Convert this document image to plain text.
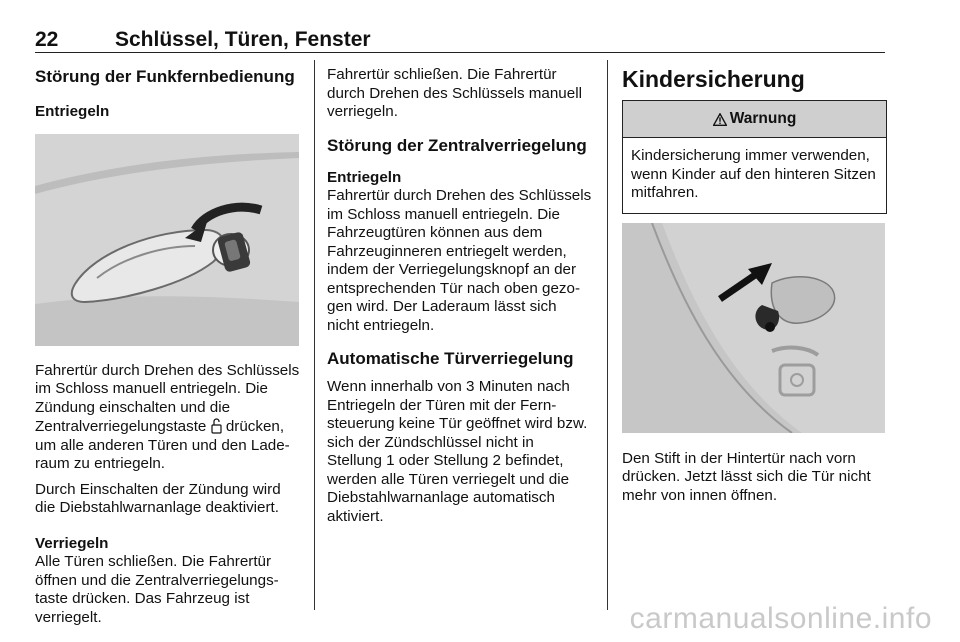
22	Schlüssel, Türen, Fenster
Störung der Funkfernbedienung
Entriegeln

Fahrertür durch Drehen des Schlüssels im Schloss manuell entriegeln. Die Zündung einschalten und die Zentralverriegelungstaste  drücken, um alle anderen Türen und den Laderaum zu entriegeln.

Durch Einschalten der Zündung wird die Diebstahlwarnanlage deaktiviert.

Verriegeln

Alle Türen schließen. Die Fahrertür öffnen und die Zentralverriegelungstaste drücken. Das Fahrzeug ist verriegelt.

Fahrertür schließen. Die Fahrertür durch Drehen des Schlüssels manuell verriegeln.

Störung der Zentralverriegelung
Entriegeln

Fahrertür durch Drehen des Schlüssels im Schloss manuell entriegeln. Die Fahrzeugtüren können aus dem Fahrzeuginneren entriegelt werden, indem der Verriegelungsknopf an der entsprechenden Tür nach oben gezogen wird. Der Laderaum lässt sich nicht entriegeln.

Automatische Türverriegelung

Wenn innerhalb von 3 Minuten nach Entriegeln der Türen mit der Fernsteuerung keine Tür geöffnet wird bzw. sich der Zündschlüssel nicht in Stellung 1 oder Stellung 2 befindet, werden alle Türen verriegelt und die Diebstahlwarnanlage automatisch aktiviert.

Kindersicherung
Warnung
Kindersicherung immer verwenden, wenn Kinder auf den hinteren Sitzen mitfahren.

Den Stift in der Hintertür nach vorn drücken. Jetzt lässt sich die Tür nicht mehr von innen öffnen.

carmanualsonline.info
